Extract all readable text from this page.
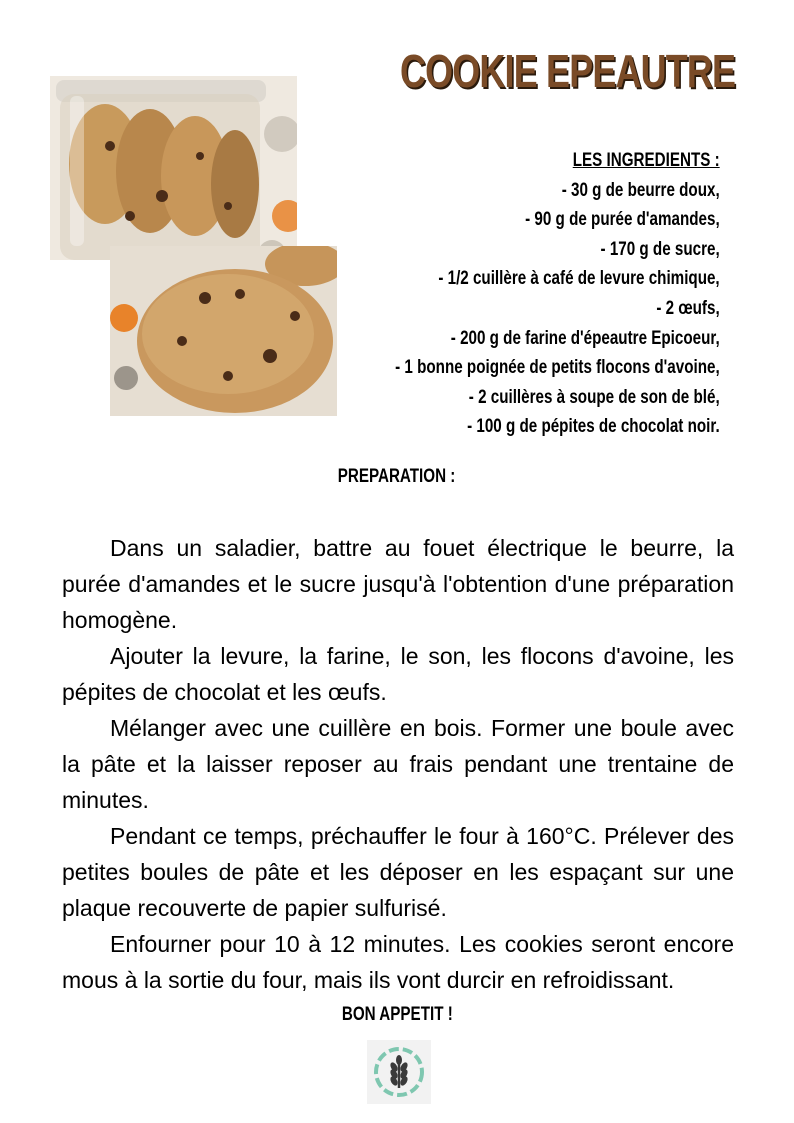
COOKIE EPEAUTRE
LES INGREDIENTS :
- 30 g de beurre doux,
- 90 g de purée d'amandes,
- 170 g de sucre,
- 1/2 cuillère à café de levure chimique,
- 2 œufs,
- 200 g de farine d'épeautre Epicoeur,
- 1 bonne poignée de petits flocons d'avoine,
- 2 cuillères à soupe de son de blé,
- 100 g de pépites de chocolat noir.
PREPARATION :

Dans un saladier, battre au fouet électrique le beurre, la purée d'amandes et le sucre jusqu'à l'obtention d'une préparation homogène.

Ajouter la levure, la farine, le son, les flocons d'avoine, les pépites de chocolat et les œufs.

Mélanger avec une cuillère en bois. Former une boule avec la pâte et la laisser reposer au frais pendant une trentaine de minutes.

Pendant ce temps, préchauffer le four à 160°C. Prélever des petites boules de pâte et les déposer en les espaçant sur une plaque recouverte de papier sulfurisé.

Enfourner pour 10 à 12 minutes. Les cookies seront encore mous à la sortie du four, mais ils vont durcir en refroidissant.

BON APPETIT !
